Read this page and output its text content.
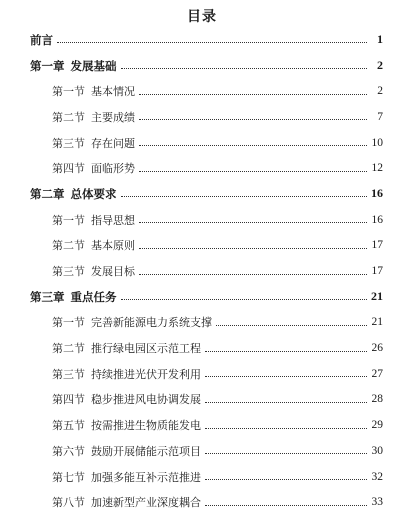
目录
前言	1
第一章 发展基础	2
第一节 基本情况	2
第二节 主要成绩	7
第三节 存在问题	10
第四节 面临形势	12
第二章 总体要求	16
第一节 指导思想	16
第二节 基本原则	17
第三节 发展目标	17
第三章 重点任务	21
第一节 完善新能源电力系统支撑	21
第二节 推行绿电园区示范工程	26
第三节 持续推进光伏开发利用	27
第四节 稳步推进风电协调发展	28
第五节 按需推进生物质能发电	29
第六节 鼓励开展储能示范项目	30
第七节 加强多能互补示范推进	32
第八节 加速新型产业深度耦合	33
